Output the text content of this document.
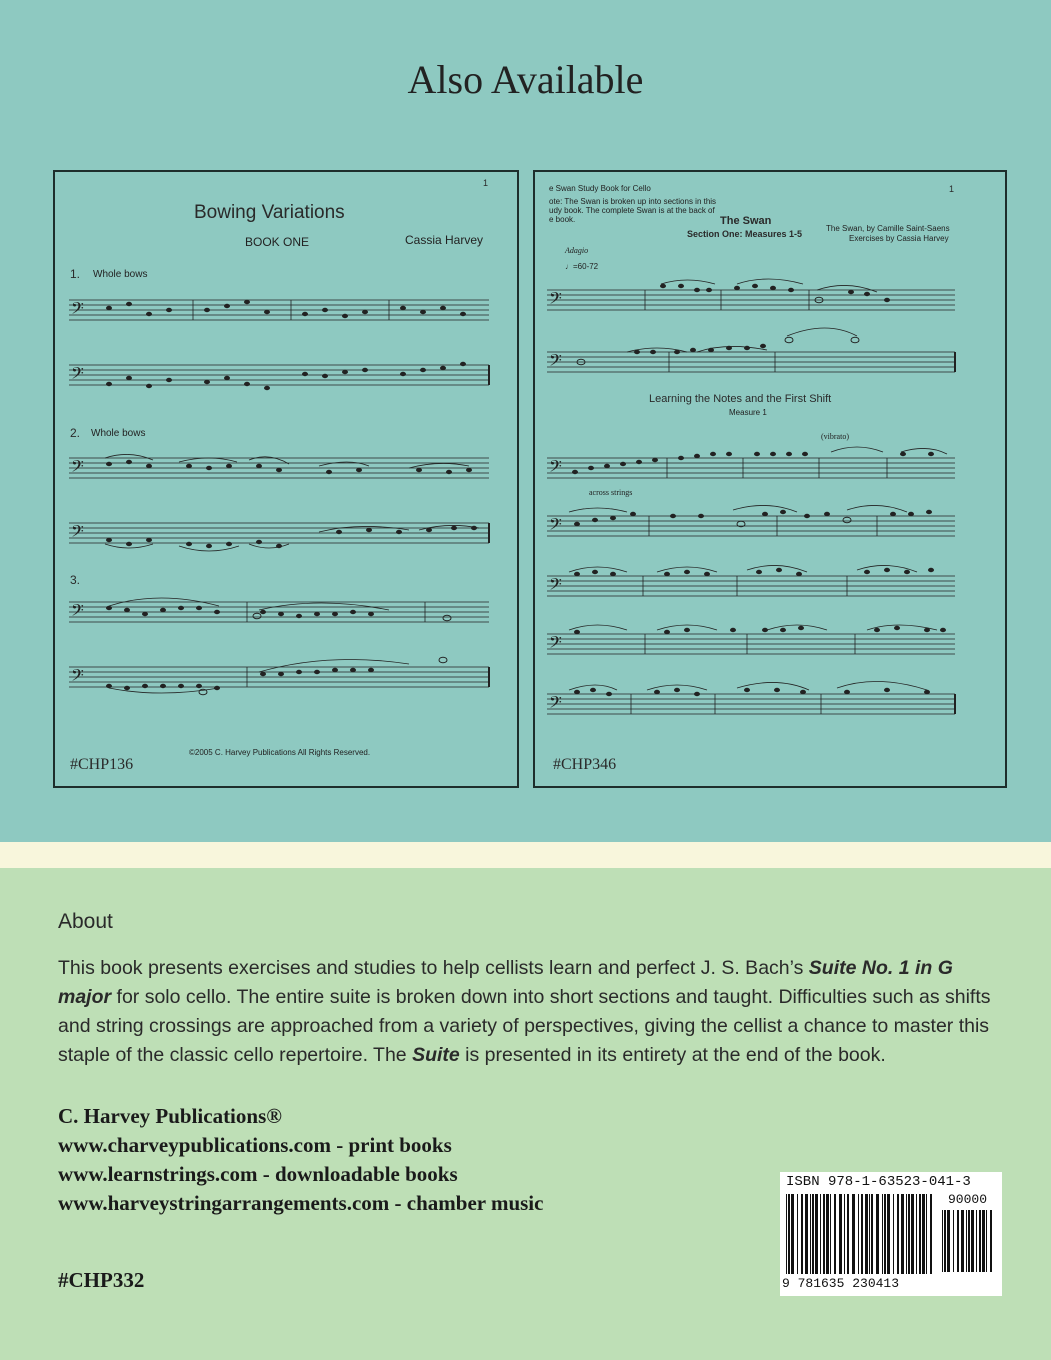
Also Available
1
Bowing Variations
BOOK ONE	Cassia Harvey
1. Whole bows
𝄢
𝄢
2. Whole bows
𝄢
𝄢
3.
𝄢
𝄢
©2005 C. Harvey Publications All Rights Reserved.
#CHP136
e Swan Study Book for Cello	1
ote: The Swan is broken up into sections in this
udy book. The complete Swan is at the back of
e book.	The Swan
Section One: Measures 1-5
The Swan, by Camille Saint-Saens
Exercises by Cassia Harvey
Adagio
♩=60-72
𝄢
𝄢
Learning the Notes and the First Shift
Measure 1
(vibrato)
𝄢
𝄢
𝄢
𝄢
𝄢
across strings
#CHP346
About
This book presents exercises and studies to help cellists learn and perfect J. S. Bach’s Suite No. 1 in G major for solo cello. The entire suite is broken down into short sections and taught. Difficulties such as shifts and string crossings are approached from a variety of perspectives, giving the cellist a chance to master this staple of the classic cello repertoire. The Suite is presented in its entirety at the end of the book.
C. Harvey Publications®
www.charveypublications.com - print books
www.learnstrings.com - downloadable books
www.harveystringarrangements.com - chamber music
#CHP332
ISBN 978-1-63523-041-3
90000
9 781635 230413
